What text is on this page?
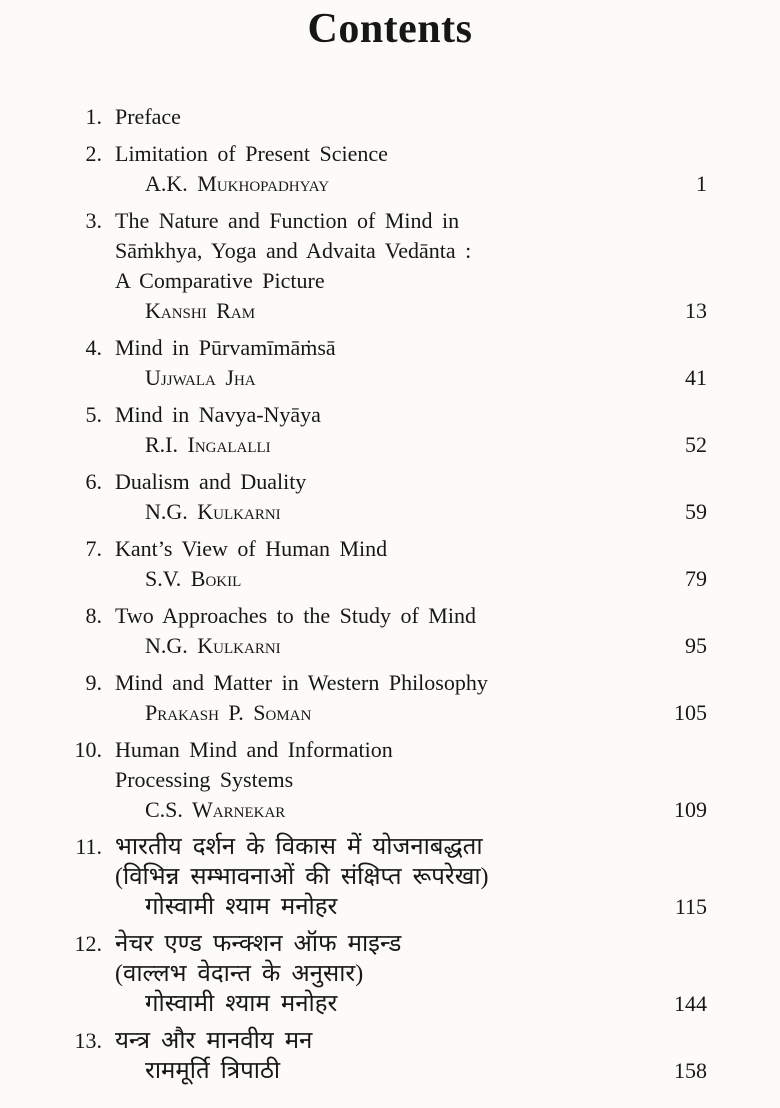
Contents
1. Preface
2. Limitation of Present Science
A.K. Mukhopadhyay	1
3. The Nature and Function of Mind in
Sāṁkhya, Yoga and Advaita Vedānta :
A Comparative Picture
Kanshi Ram	13
4. Mind in Pūrvamīmāṁsā
Ujjwala Jha	41
5. Mind in Navya-Nyāya
R.I. Ingalalli	52
6. Dualism and Duality
N.G. Kulkarni	59
7. Kant’s View of Human Mind
S.V. Bokil	79
8. Two Approaches to the Study of Mind
N.G. Kulkarni	95
9. Mind and Matter in Western Philosophy
Prakash P. Soman	105
10. Human Mind and Information
Processing Systems
C.S. Warnekar	109
11. भारतीय दर्शन के विकास में योजनाबद्धता
(विभिन्न सम्भावनाओं की संक्षिप्त रूपरेखा)
गोस्वामी श्याम मनोहर	115
12. नेचर एण्ड फन्क्शन ऑफ माइन्ड
(वाल्लभ वेदान्त के अनुसार)
गोस्वामी श्याम मनोहर	144
13. यन्त्र और मानवीय मन
राममूर्ति त्रिपाठी	158
